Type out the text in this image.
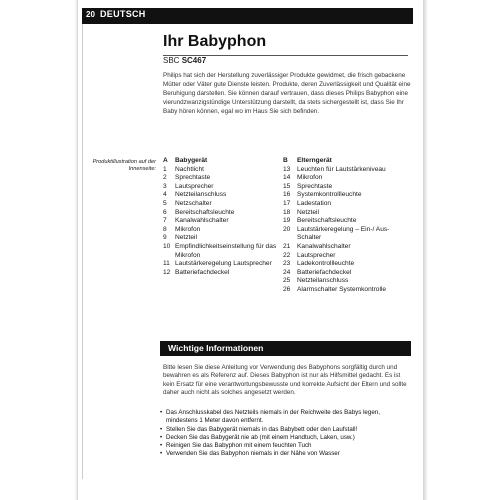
20 DEUTSCH
Ihr Babyphon
SBC SC467
Philips hat sich der Herstellung zuverlässiger Produkte gewidmet, die frisch gebackene Mütter oder Väter gute Dienste leisten. Produkte, deren Zuverlässigkeit und Qualität eine Beruhigung darstellen. Sie können darauf vertrauen, dass dieses Philips Babyphon eine vierundzwanzigstündige Unterstützung darstellt, da stets sichergestellt ist, dass Sie Ihr Baby hören können, egal wo im Haus Sie sich befinden.
Produktillustration auf der Innenseite:
A	Babygerät
1	Nachtlicht
2	Sprechtaste
3	Lautsprecher
4	Netzteilanschluss
5	Netzschalter
6	Bereitschaftsleuchte
7	Kanalwahlschalter
8	Mikrofon
9	Netzteil
10 Empfindlichkeitseinstellung für das Mikrofon
11 Lautstärkeregelung Lautsprecher
12 Batteriefachdeckel
B	Elterngerät
13	Leuchten für Lautstärkeniveau
14	Mikrofon
15	Sprechtaste
16	Systemkontrollleuchte
17	Ladestation
18	Netzteil
19	Bereitschaftsleuchte
20	Lautstärkeregelung – Ein-/ Aus-Schalter
21	Kanalwahlschalter
22	Lautsprecher
23	Ladekontrollleuchte
24	Batteriefachdeckel
25	Netzteilanschluss
26	Alarmschalter Systemkontrolle
Wichtige Informationen
Bitte lesen Sie diese Anleitung vor Verwendung des Babyphons sorgfältig durch und bewahren es als Referenz auf. Dieses Babyphon ist nur als Hilfsmittel gedacht. Es ist kein Ersatz für eine verantwortungsbewusste und korrekte Aufsicht der Eltern und sollte daher auch nicht als solches angesetzt werden.
• Das Anschlusskabel des Netzteils niemals in der Reichweite des Babys legen, mindestens 1 Meter davon entfernt.
• Stellen Sie das Babygerät niemals in das Babybett oder den Laufstall!
• Decken Sie das Babygerät nie ab (mit einem Handtuch, Laken, usw.)
• Reinigen Sie das Babyphon mit einem feuchten Tuch
• Verwenden Sie das Babyphon niemals in der Nähe von Wasser
